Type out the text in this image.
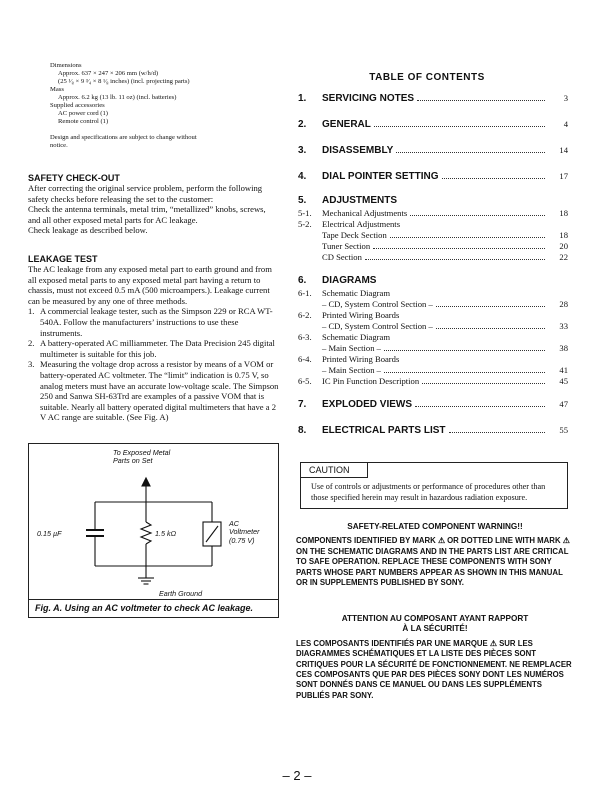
Dimensions
Approx. 637 × 247 × 206 mm (w/h/d)
(25 ¹⁄₈ × 9 ³⁄₄ × 8 ¹⁄₈ inches) (incl. projecting parts)
Mass
Approx. 6.2 kg (13 lb. 11 oz) (incl. batteries)
Supplied accessories
AC power cord (1)
Remote control (1)
Design and specifications are subject to change without
notice.
SAFETY CHECK-OUT

After correcting the original service problem, perform the following safety checks before releasing the set to the customer:

Check the antenna terminals, metal trim, “metallized” knobs, screws, and all other exposed metal parts for AC leakage.

Check leakage as described below.

LEAKAGE TEST

The AC leakage from any exposed metal part to earth ground and from all exposed metal parts to any exposed metal part having a return to chassis, must not exceed 0.5 mA (500 microampers.). Leakage current can be measured by any one of three methods.

1. A commercial leakage tester, such as the Simpson 229 or RCA WT-540A. Follow the manufacturers’ instructions to use these instruments.
2. A battery-operated AC milliammeter. The Data Precision 245 digital multimeter is suitable for this job.
3. Measuring the voltage drop across a resistor by means of a VOM or battery-operated AC voltmeter. The “limit” indication is 0.75 V, so analog meters must have an accurate low-voltage scale. The Simpson 250 and Sanwa SH-63Trd are examples of a passive VOM that is suitable. Nearly all battery operated digital multimeters that have a 2 V AC range are suitable. (See Fig. A)
To Exposed Metal
Parts on Set
0.15 µF	1.5 kΩ
AC
Voltmeter
(0.75 V)
Earth Ground
Fig. A. Using an AC voltmeter to check AC leakage.
TABLE OF CONTENTS
1.	SERVICING NOTES	3
2.	GENERAL	4
3.	DISASSEMBLY	14
4.	DIAL POINTER SETTING	17
5.	ADJUSTMENTS
5-1.	Mechanical Adjustments	18
5-2.	Electrical Adjustments
Tape Deck Section	18
Tuner Section	20
CD Section	22
6.	DIAGRAMS
6-1.	Schematic Diagram
– CD, System Control Section –	28
6-2.	Printed Wiring Boards
– CD, System Control Section –	33
6-3.	Schematic Diagram
– Main Section –	38
6-4.	Printed Wiring Boards
– Main Section –	41
6-5.	IC Pin Function Description	45
7.	EXPLODED VIEWS	47
8.	ELECTRICAL PARTS LIST	55
CAUTION
Use of controls or adjustments or performance of procedures other than those specified herein may result in hazardous radiation exposure.
SAFETY-RELATED COMPONENT WARNING!!
COMPONENTS IDENTIFIED BY MARK ⚠ OR DOTTED LINE WITH MARK ⚠ ON THE SCHEMATIC DIAGRAMS AND IN THE PARTS LIST ARE CRITICAL TO SAFE OPERATION. REPLACE THESE COMPONENTS WITH SONY PARTS WHOSE PART NUMBERS APPEAR AS SHOWN IN THIS MANUAL OR IN SUPPLEMENTS PUBLISHED BY SONY.
ATTENTION AU COMPOSANT AYANT RAPPORT
À LA SÉCURITÉ!
LES COMPOSANTS IDENTIFIÉS PAR UNE MARQUE ⚠ SUR LES DIAGRAMMES SCHÉMATIQUES ET LA LISTE DES PIÈCES SONT CRITIQUES POUR LA SÉCURITÉ DE FONCTIONNEMENT. NE REMPLACER CES COMPOSANTS QUE PAR DES PIÈCES SONY DONT LES NUMÉROS SONT DONNÉS DANS CE MANUEL OU DANS LES SUPPLÉMENTS PUBLIÉS PAR SONY.
– 2 –
